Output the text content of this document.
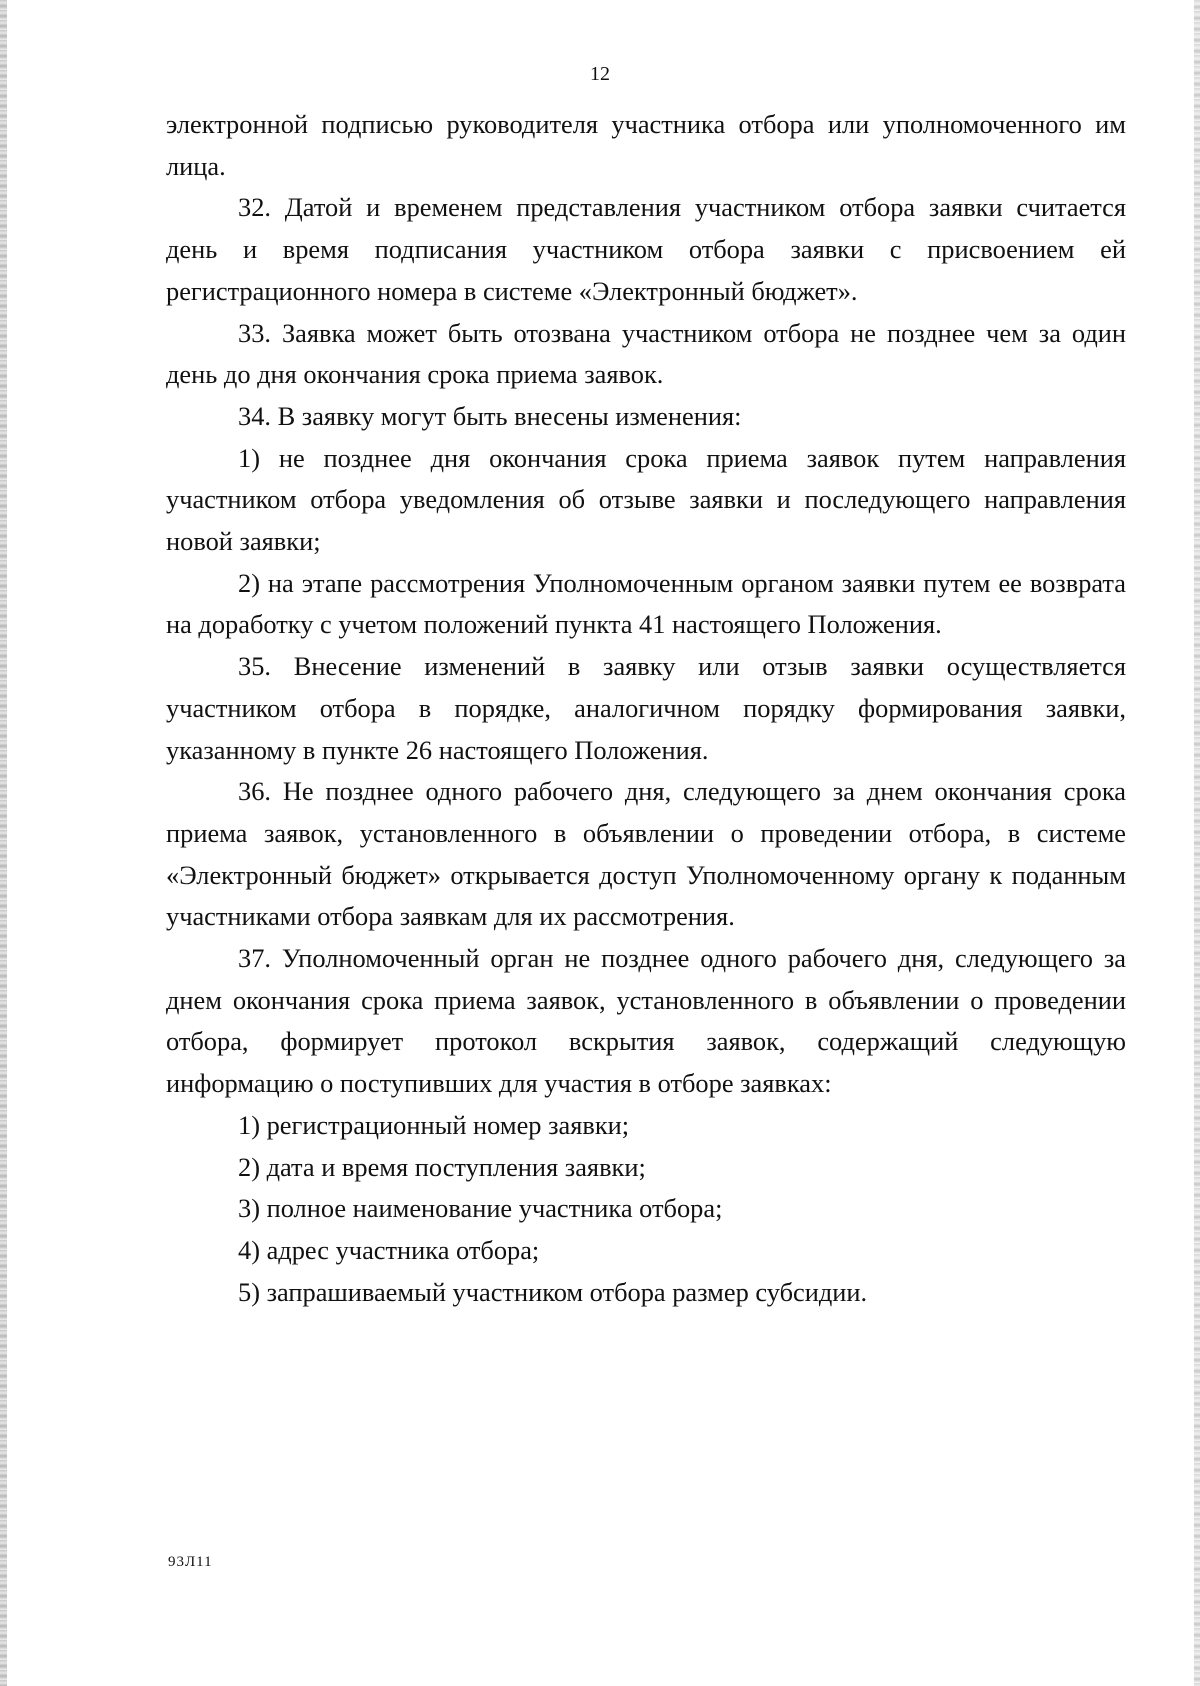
12

электронной подписью руководителя участника отбора или уполномоченного им лица.

32. Датой и временем представления участником отбора заявки считается день и время подписания участником отбора заявки с присвоением ей регистрационного номера в системе «Электронный бюджет».

33. Заявка может быть отозвана участником отбора не позднее чем за один день до дня окончания срока приема заявок.

34. В заявку могут быть внесены изменения:

1) не позднее дня окончания срока приема заявок путем направления участником отбора уведомления об отзыве заявки и последующего направления новой заявки;

2) на этапе рассмотрения Уполномоченным органом заявки путем ее возврата на доработку с учетом положений пункта 41 настоящего Положения.

35. Внесение изменений в заявку или отзыв заявки осуществляется участником отбора в порядке, аналогичном порядку формирования заявки, указанному в пункте 26 настоящего Положения.

36. Не позднее одного рабочего дня, следующего за днем окончания срока приема заявок, установленного в объявлении о проведении отбора, в системе «Электронный бюджет» открывается доступ Уполномоченному органу к поданным участниками отбора заявкам для их рассмотрения.

37. Уполномоченный орган не позднее одного рабочего дня, следующего за днем окончания срока приема заявок, установленного в объявлении о проведении отбора, формирует протокол вскрытия заявок, содержащий следующую информацию о поступивших для участия в отборе заявках:

1) регистрационный номер заявки;

2) дата и время поступления заявки;

3) полное наименование участника отбора;

4) адрес участника отбора;

5) запрашиваемый участником отбора размер субсидии.

93Л11
